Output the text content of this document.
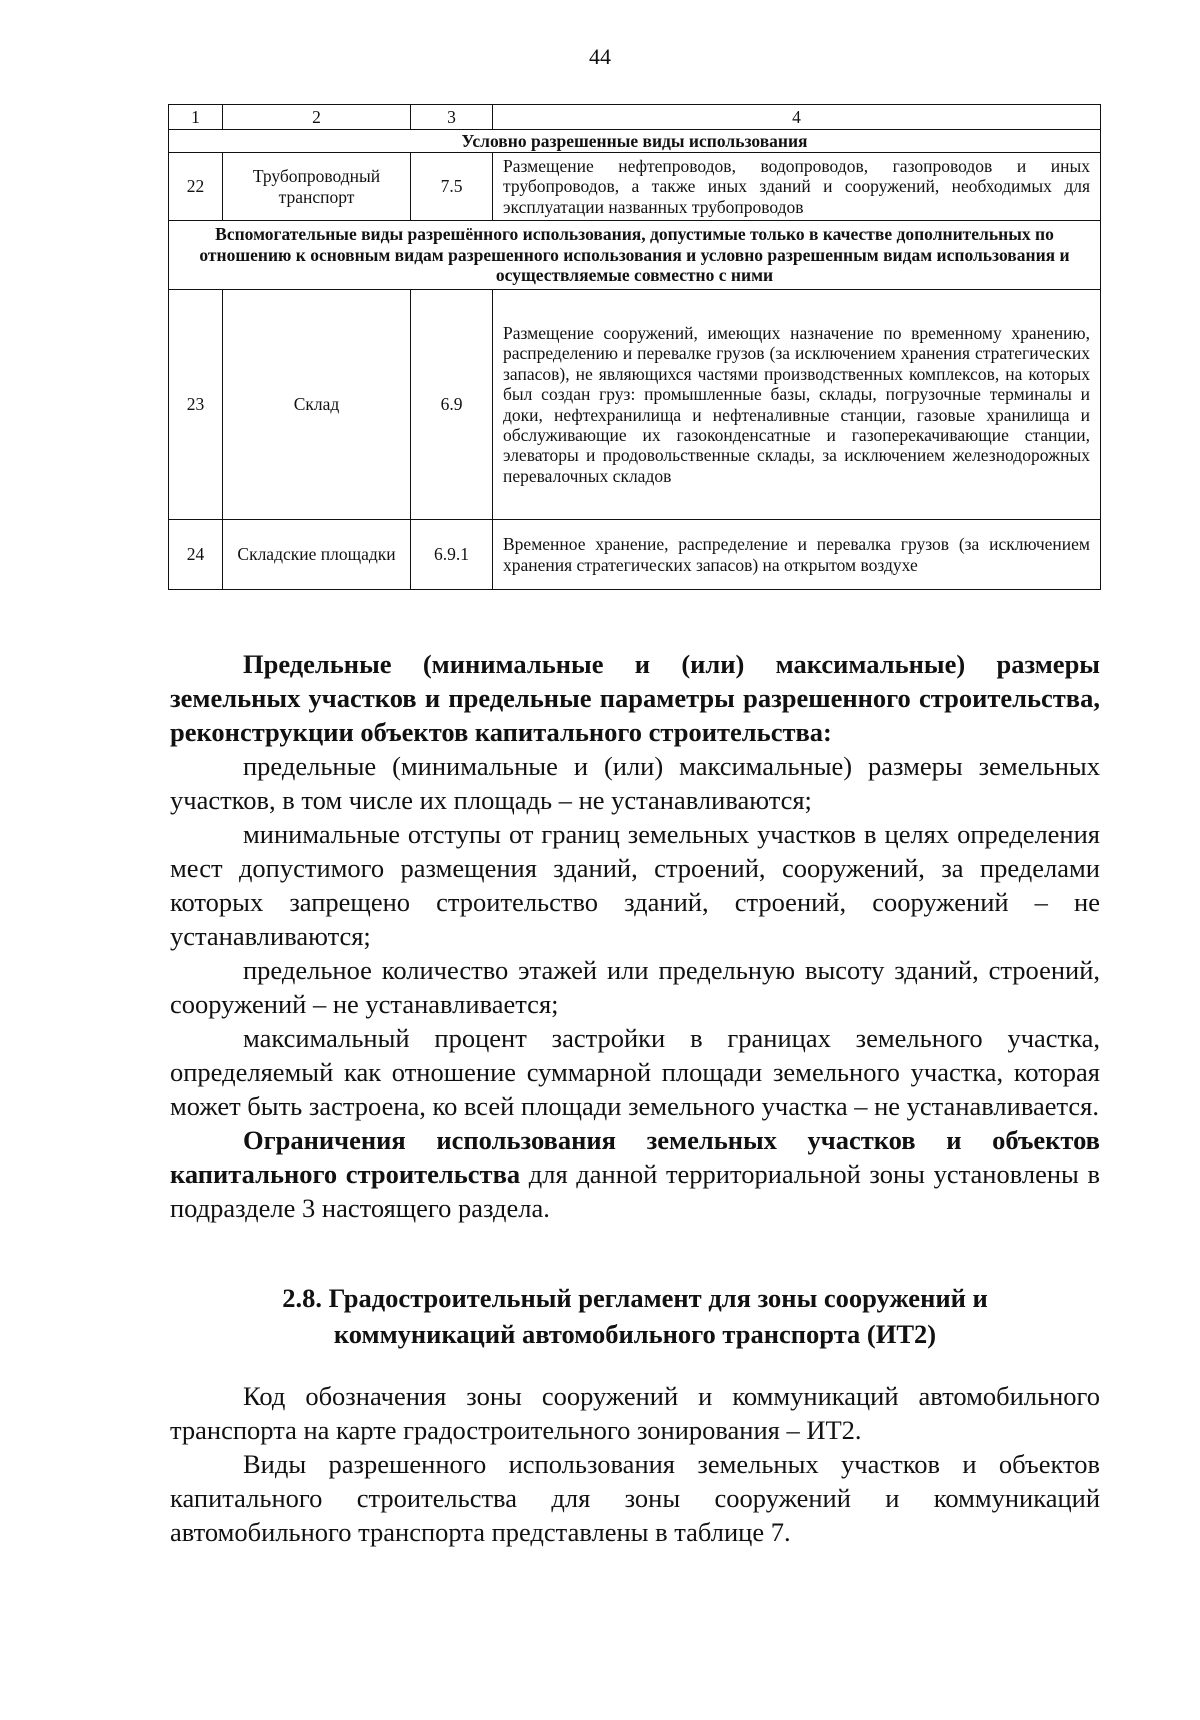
44
1	2	3	4
Условно разрешенные виды использования			
22	Трубопроводный транспорт	7.5	Размещение нефтепроводов, водопроводов, газопроводов и иных трубопроводов, а также иных зданий и сооружений, необходимых для эксплуатации названных трубопроводов
Вспомогательные виды разрешённого использования, допустимые только в качестве дополнительных по отношению к основным видам разрешенного использования и условно разрешенным видам использования и осуществляемые совместно с ними			
23	Склад	6.9	Размещение сооружений, имеющих назначение по временному хранению, распределению и перевалке грузов (за исключением хранения стратегических запасов), не являющихся частями производственных комплексов, на которых был создан груз: промышленные базы, склады, погрузочные терминалы и доки, нефтехранилища и нефтеналивные станции, газовые хранилища и обслуживающие их газоконденсатные и газоперекачивающие станции, элеваторы и продовольственные склады, за исключением железнодорожных перевалочных складов
24	Складские площадки	6.9.1	Временное хранение, распределение и перевалка грузов (за исключением хранения стратегических запасов) на открытом воздухе

Предельные (минимальные и (или) максимальные) размеры земельных участков и предельные параметры разрешенного строительства, реконструкции объектов капитального строительства:

предельные (минимальные и (или) максимальные) размеры земельных участков, в том числе их площадь – не устанавливаются;

минимальные отступы от границ земельных участков в целях определения мест допустимого размещения зданий, строений, сооружений, за пределами которых запрещено строительство зданий, строений, сооружений – не устанавливаются;

предельное количество этажей или предельную высоту зданий, строений, сооружений – не устанавливается;

максимальный процент застройки в границах земельного участка, определяемый как отношение суммарной площади земельного участка, которая может быть застроена, ко всей площади земельного участка – не устанавливается.

Ограничения использования земельных участков и объектов капитального строительства для данной территориальной зоны установлены в подразделе 3 настоящего раздела.

2.8. Градостроительный регламент для зоны сооружений и
коммуникаций автомобильного транспорта (ИТ2)

Код обозначения зоны сооружений и коммуникаций автомобильного транспорта на карте градостроительного зонирования – ИТ2.

Виды разрешенного использования земельных участков и объектов капитального строительства для зоны сооружений и коммуникаций автомобильного транспорта представлены в таблице 7.
